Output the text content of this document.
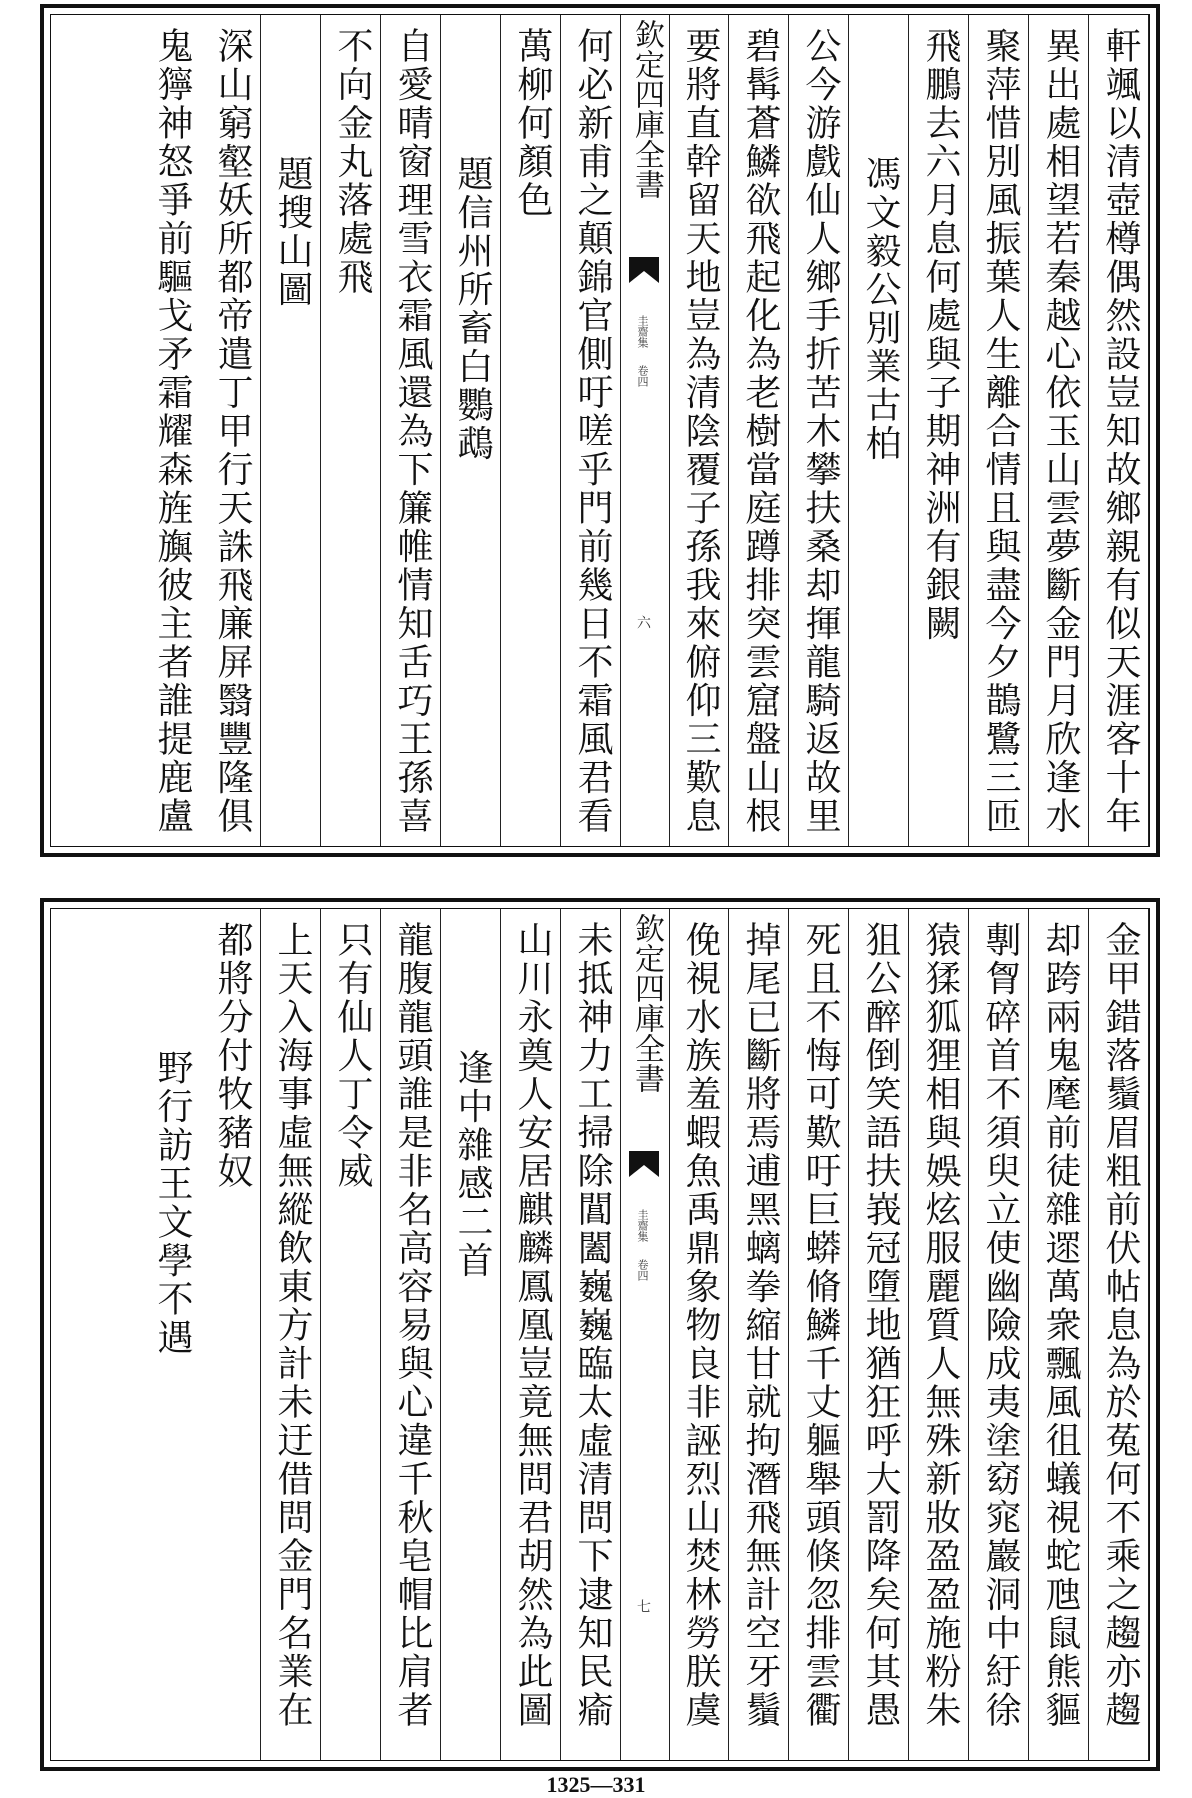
軒颯以清壺樽偶然設豈知故鄉親有似天涯客十年
異出處相望若秦越心依玉山雲夢斷金門月欣逢水
聚萍惜別風振葉人生離合情且與盡今夕鵲鷺三匝
飛鵬去六月息何處與子期神洲有銀闕
馮文毅公別業古柏
公今游戲仙人鄉手折苦木攀扶桑却揮龍騎返故里
碧髯蒼鱗欲飛起化為老樹當庭蹲排突雲窟盤山根
要將直幹留天地豈為清陰覆子孫我來俯仰三歎息
欽定四庫全書
圭齋集
卷四
六
何必新甫之顛錦官側吁嗟乎門前幾日不霜風君看
萬柳何顏色
題信州所畜白鸚鵡
自愛晴窗理雪衣霜風還為下簾帷情知舌巧王孫喜
不向金丸落處飛
題搜山圖
深山窮壑妖所都帝遣丁甲行天誅飛廉屏翳豐隆俱
鬼獰神怒爭前驅戈矛霜耀森旌旟彼主者誰提鹿盧
金甲錯落鬚眉粗前伏帖息為於菟何不乘之趨亦趨
却跨兩鬼麾前徒雜遝萬衆飄風徂蟻視蛇虺鼠熊貙
剸胷碎首不須臾立使幽險成夷塗窈窕巖洞中紆徐
猿猱狐狸相與娛炫服麗質人無殊新妝盈盈施粉朱
狙公醉倒笑語扶峩冠墮地猶狂呼大罰降矣何其愚
死且不悔可歎吁巨蟒脩鱗千丈軀舉頭倏忽排雲衢
掉尾已斷將焉逋黑螭拳縮甘就拘潛飛無計空牙鬚
俛視水族羞蝦魚禹鼎象物良非誣烈山焚林勞朕虞
欽定四庫全書
圭齋集
卷四
七
未抵神力工掃除閶闔巍巍臨太虛清問下逮知民瘉
山川永奠人安居麒麟鳳凰豈竟無問君胡然為此圖
逢中雜感二首
龍腹龍頭誰是非名高容易與心違千秋皂帽比肩者
只有仙人丁令威
上天入海事虛無縱飲東方計未迂借問金門名業在
都將分付牧豬奴
野行訪王文學不遇
1325—331
